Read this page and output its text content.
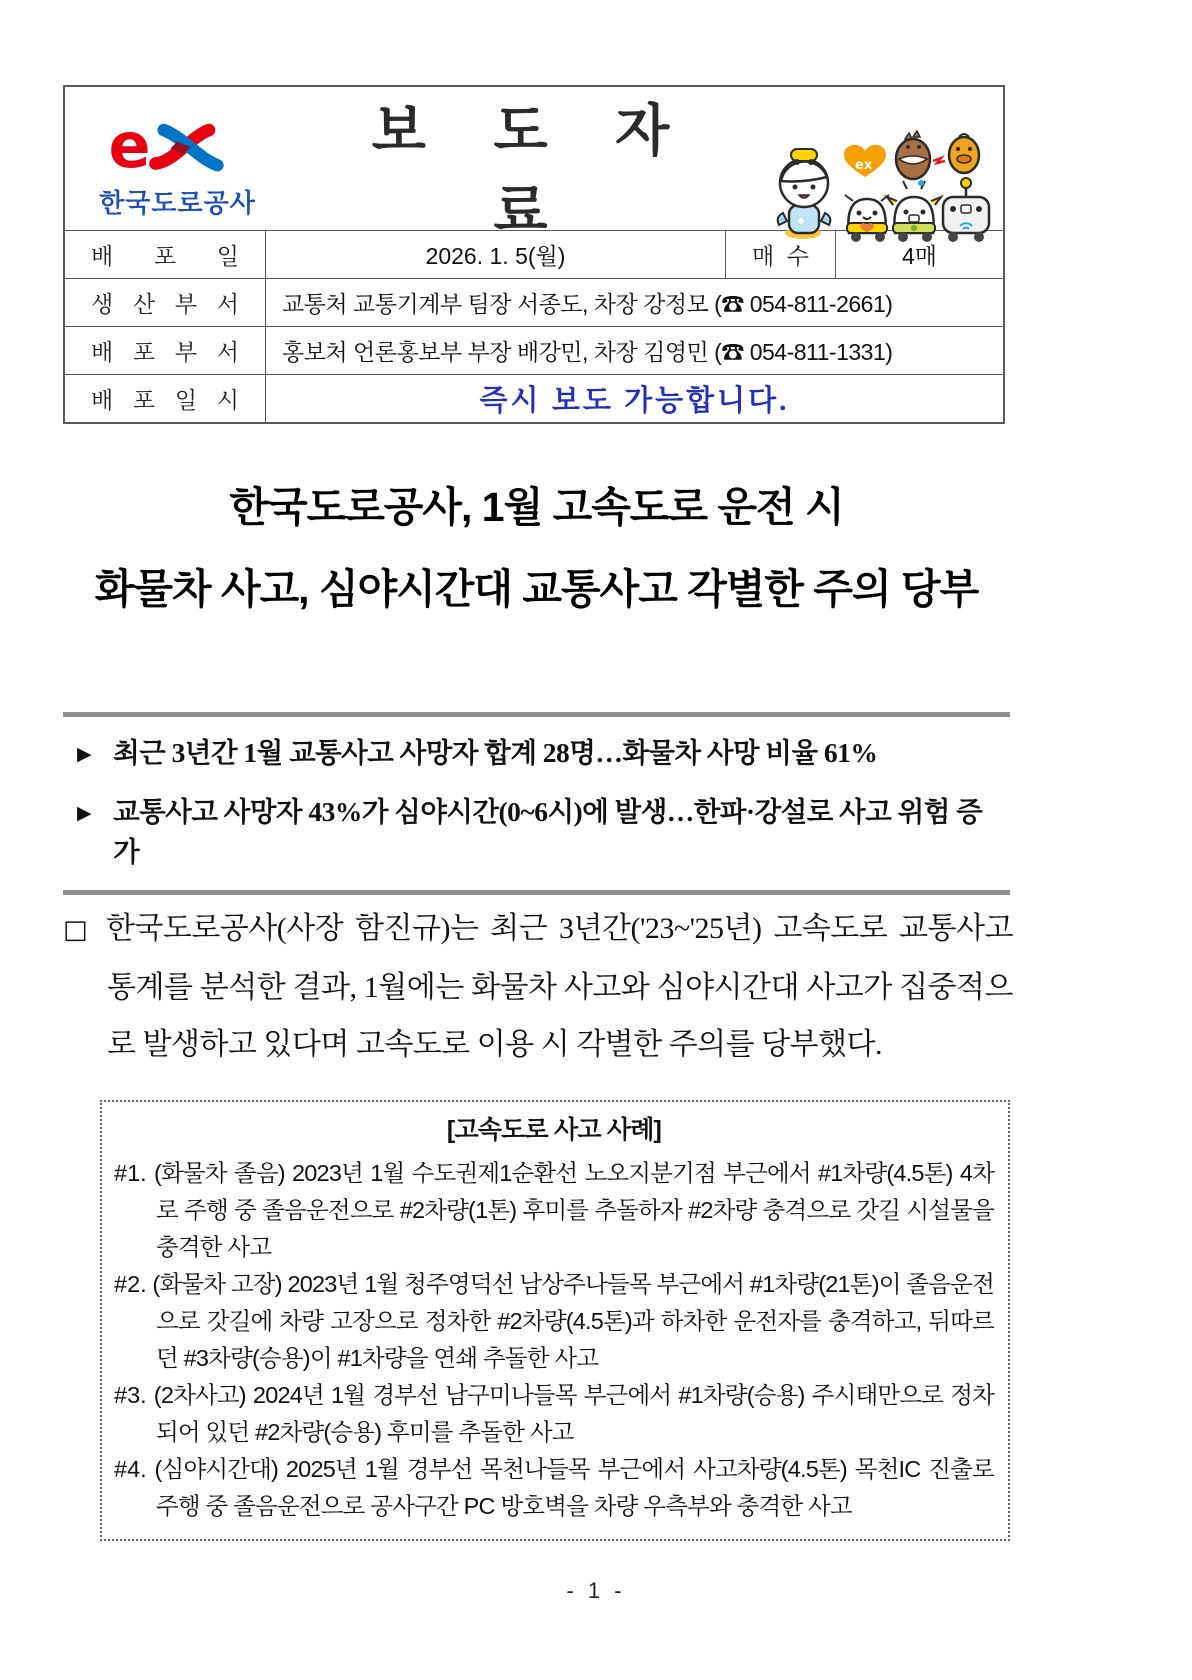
e
한국도로공사
보 도 자 료
ex
배 포 일	2026. 1. 5(월)	매 수	4매
생 산 부 서	교통처 교통기계부 팀장 서종도, 차장 강정모 (☎ 054-811-2661)
배 포 부 서	홍보처 언론홍보부 부장 배강민, 차장 김영민 (☎ 054-811-1331)
배 포 일 시	즉시 보도 가능합니다.
한국도로공사, 1월 고속도로 운전 시
화물차 사고, 심야시간대 교통사고 각별한 주의 당부
▶ 최근 3년간 1월 교통사고 사망자 합계 28명…화물차 사망 비율 61%
▶ 교통사고 사망자 43%가 심야시간(0~6시)에 발생…한파·강설로 사고 위험 증가

□ 한국도로공사(사장 함진규)는 최근 3년간('23~'25년) 고속도로 교통사고 통계를 분석한 결과, 1월에는 화물차 사고와 심야시간대 사고가 집중적으로 발생하고 있다며 고속도로 이용 시 각별한 주의를 당부했다.

[고속도로 사고 사례]
#1. (화물차 졸음) 2023년 1월 수도권제1순환선 노오지분기점 부근에서 #1차량(4.5톤) 4차로 주행 중 졸음운전으로 #2차량(1톤) 후미를 추돌하자 #2차량 충격으로 갓길 시설물을 충격한 사고
#2. (화물차 고장) 2023년 1월 청주영덕선 남상주나들목 부근에서 #1차량(21톤)이 졸음운전으로 갓길에 차량 고장으로 정차한 #2차량(4.5톤)과 하차한 운전자를 충격하고, 뒤따르던 #3차량(승용)이 #1차량을 연쇄 추돌한 사고
#3. (2차사고) 2024년 1월 경부선 남구미나들목 부근에서 #1차량(승용) 주시태만으로 정차되어 있던 #2차량(승용) 후미를 추돌한 사고
#4. (심야시간대) 2025년 1월 경부선 목천나들목 부근에서 사고차량(4.5톤) 목천IC 진출로 주행 중 졸음운전으로 공사구간 PC 방호벽을 차량 우측부와 충격한 사고
- 1 -
